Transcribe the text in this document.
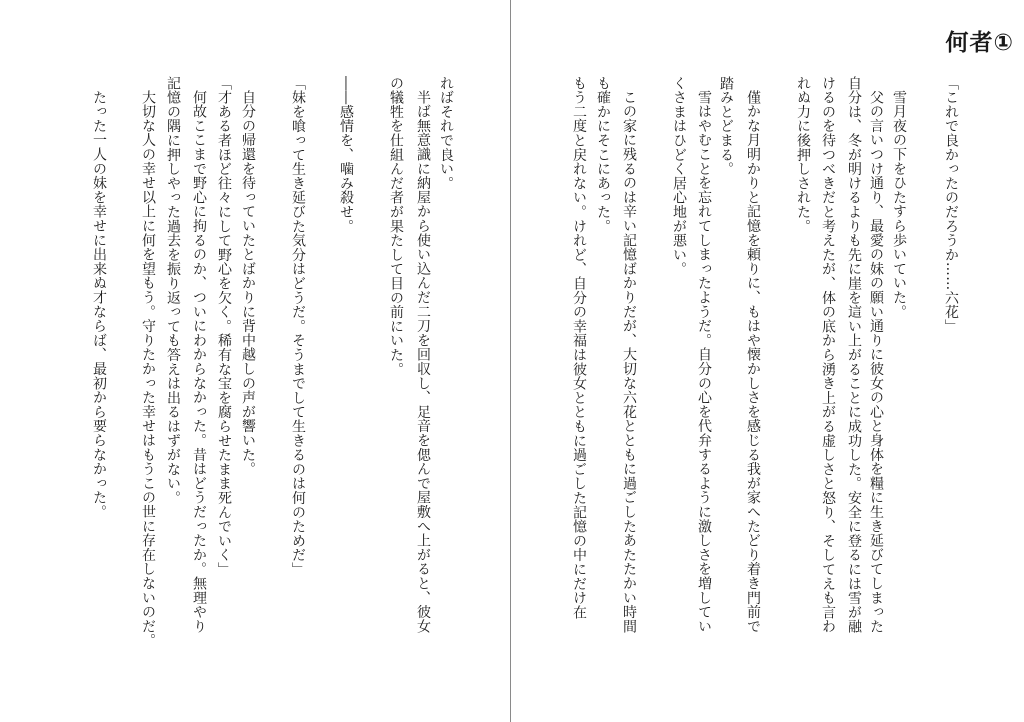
ればそれで良い。
半ば無意識に納屋から使い込んだ二刀を回収し、足音を偲んで屋敷へ上がると、彼女
の犠牲を仕組んだ者が果たして目の前にいた。
――感情を、噛み殺せ。
「妹を喰って生き延びた気分はどうだ。そうまでして生きるのは何のためだ」
自分の帰還を待っていたとばかりに背中越しの声が響いた。
「才ある者ほど往々にして野心を欠く。稀有な宝を腐らせたまま死んでいく」
何故ここまで野心に拘るのか、ついにわからなかった。昔はどうだったか。無理やり
記憶の隅に押しやった過去を振り返っても答えは出るはずがない。
大切な人の幸せ以上に何を望もう。守りたかった幸せはもうこの世に存在しないのだ。
たった一人の妹を幸せに出来ぬ才ならば、最初から要らなかった。
何者①
「これで良かったのだろうか……六花」
雪月夜の下をひたすら歩いていた。
父の言いつけ通り、最愛の妹の願い通りに彼女の心と身体を糧に生き延びてしまった
自分は、冬が明けるよりも先に崖を這い上がることに成功した。安全に登るには雪が融
けるのを待つべきだと考えたが、体の底から湧き上がる虚しさと怒り、そしてえも言わ
れぬ力に後押しされた。
僅かな月明かりと記憶を頼りに、もはや懐かしさを感じる我が家へたどり着き門前で
踏みとどまる。
雪はやむことを忘れてしまったようだ。自分の心を代弁するように激しさを増してい
くさまはひどく居心地が悪い。
この家に残るのは辛い記憶ばかりだが、大切な六花とともに過ごしたあたたかい時間
も確かにそこにあった。
もう二度と戻れない。けれど、自分の幸福は彼女とともに過ごした記憶の中にだけ在
